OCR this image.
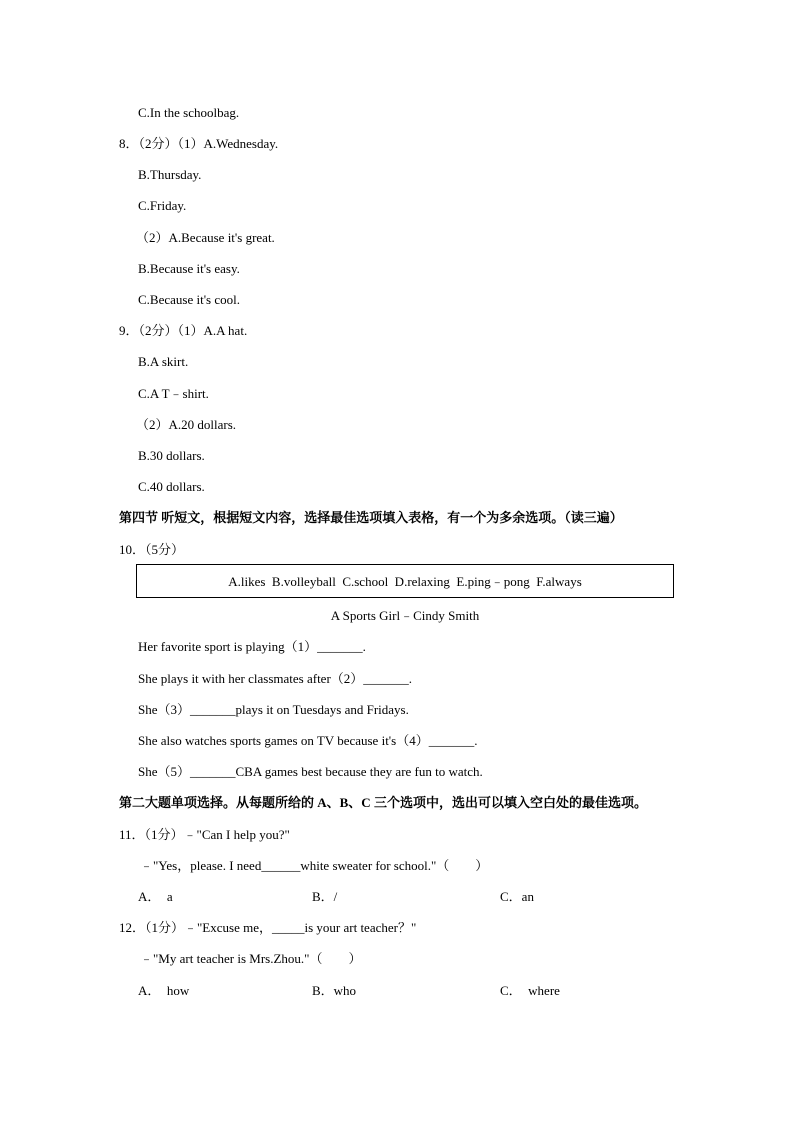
C.In the schoolbag.
8．（2分）（1）A.Wednesday.
B.Thursday.
C.Friday.
（2）A.Because it's great.
B.Because it's easy.
C.Because it's cool.
9．（2分）（1）A.A hat.
B.A skirt.
C.A T﹣shirt.
（2）A.20 dollars.
B.30 dollars.
C.40 dollars.
第四节 听短文，根据短文内容，选择最佳选项填入表格，有一个为多余选项。（读三遍）
10．（5分）
A.likes  B.volleyball  C.school  D.relaxing  E.ping﹣pong  F.always
A Sports Girl﹣Cindy Smith
Her favorite sport is playing（1）_______.
She plays it with her classmates after（2）_______.
She（3）_______plays it on Tuesdays and Fridays.
She also watches sports games on TV because it's（4）_______.
She（5）_______CBA games best because they are fun to watch.
第二大题单项选择。从每题所给的 A、B、C 三个选项中，选出可以填入空白处的最佳选项。
11．（1分）﹣"Can I help you?"
﹣"Yes，please. I need______white sweater for school."（　　）
A．  a	B．/	C．an
12．（1分）﹣"Excuse me，_____is your art teacher？"
﹣"My art teacher is Mrs.Zhou."（　　）
A．  how	B．who	C．  where
